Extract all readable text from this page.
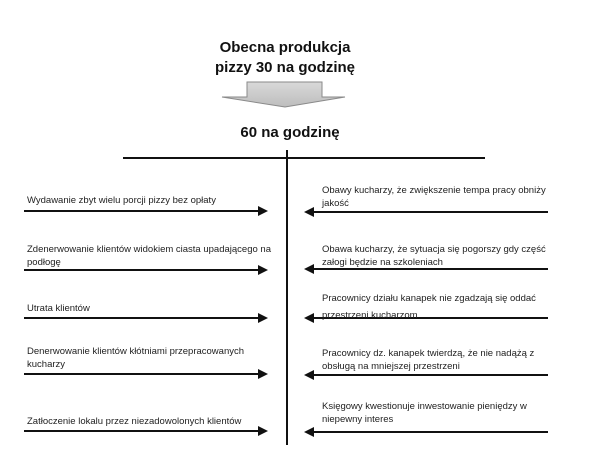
Obecna produkcja
pizzy 30 na godzinę
60 na godzinę
Wydawanie zbyt wielu porcji pizzy bez opłaty
Zdenerwowanie klientów widokiem ciasta upadającego na podłogę
Utrata klientów
Denerwowanie klientów kłótniami przepracowanych kucharzy
Zatłoczenie lokalu przez niezadowolonych klientów
Obawy kucharzy, że zwiększenie tempa pracy obniży jakość
Obawa kucharzy, że sytuacja się pogorszy gdy część załogi będzie na szkoleniach
Pracownicy działu kanapek nie zgadzają się oddać przestrzeni kucharzom
Pracownicy dz. kanapek twierdzą, że nie nadążą z obsługą na mniejszej przestrzeni
Księgowy kwestionuje inwestowanie pieniędzy w niepewny interes
